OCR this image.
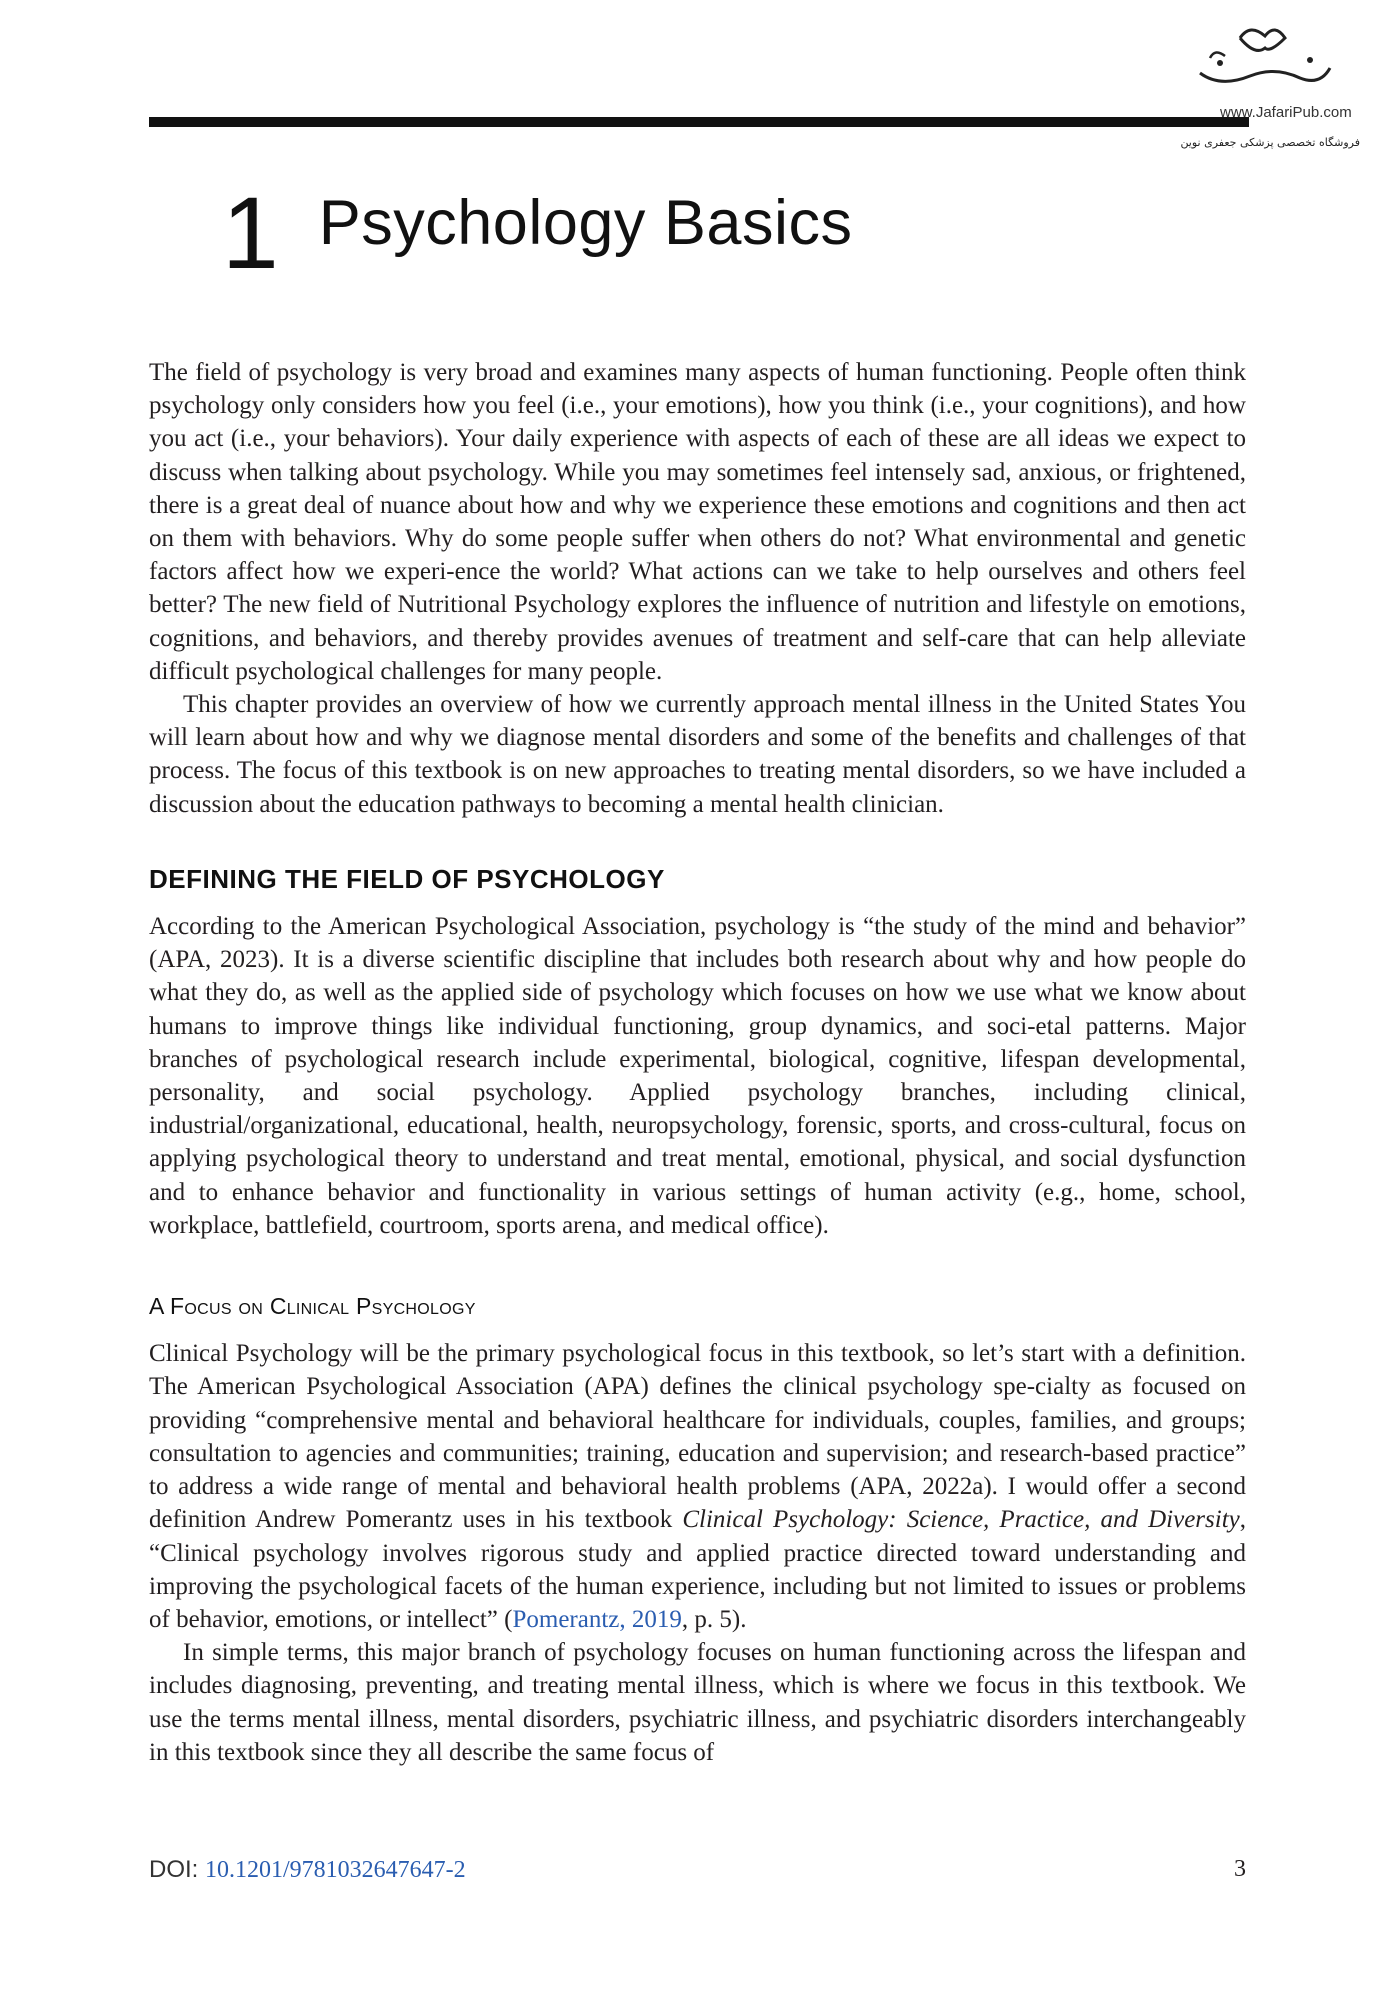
www.JafariPub.com
فروشگاه تخصصی پزشکی جعفری نوین
1 Psychology Basics

The field of psychology is very broad and examines many aspects of human functioning. People often think psychology only considers how you feel (i.e., your emotions), how you think (i.e., your cognitions), and how you act (i.e., your behaviors). Your daily experience with aspects of each of these are all ideas we expect to discuss when talking about psychology. While you may sometimes feel intensely sad, anxious, or frightened, there is a great deal of nuance about how and why we experience these emotions and cognitions and then act on them with behaviors. Why do some people suffer when others do not? What environmental and genetic factors affect how we experi-ence the world? What actions can we take to help ourselves and others feel better? The new field of Nutritional Psychology explores the influence of nutrition and lifestyle on emotions, cognitions, and behaviors, and thereby provides avenues of treatment and self-care that can help alleviate difficult psychological challenges for many people.

This chapter provides an overview of how we currently approach mental illness in the United States You will learn about how and why we diagnose mental disorders and some of the benefits and challenges of that process. The focus of this textbook is on new approaches to treating mental disorders, so we have included a discussion about the education pathways to becoming a mental health clinician.

DEFINING THE FIELD OF PSYCHOLOGY

According to the American Psychological Association, psychology is “the study of the mind and behavior” (APA, 2023). It is a diverse scientific discipline that includes both research about why and how people do what they do, as well as the applied side of psychology which focuses on how we use what we know about humans to improve things like individual functioning, group dynamics, and soci-etal patterns. Major branches of psychological research include experimental, biological, cognitive, lifespan developmental, personality, and social psychology. Applied psychology branches, including clinical, industrial/organizational, educational, health, neuropsychology, forensic, sports, and cross-cultural, focus on applying psychological theory to understand and treat mental, emotional, physical, and social dysfunction and to enhance behavior and functionality in various settings of human activity (e.g., home, school, workplace, battlefield, courtroom, sports arena, and medical office).

A Focus on Clinical Psychology

Clinical Psychology will be the primary psychological focus in this textbook, so let’s start with a definition. The American Psychological Association (APA) defines the clinical psychology spe-cialty as focused on providing “comprehensive mental and behavioral healthcare for individuals, couples, families, and groups; consultation to agencies and communities; training, education and supervision; and research-based practice” to address a wide range of mental and behavioral health problems (APA, 2022a). I would offer a second definition Andrew Pomerantz uses in his textbook Clinical Psychology: Science, Practice, and Diversity, “Clinical psychology involves rigorous study and applied practice directed toward understanding and improving the psychological facets of the human experience, including but not limited to issues or problems of behavior, emotions, or intellect” (Pomerantz, 2019, p. 5).

In simple terms, this major branch of psychology focuses on human functioning across the lifespan and includes diagnosing, preventing, and treating mental illness, which is where we focus in this textbook. We use the terms mental illness, mental disorders, psychiatric illness, and psychiatric disorders interchangeably in this textbook since they all describe the same focus of

DOI: 10.1201/9781032647647-2	3
